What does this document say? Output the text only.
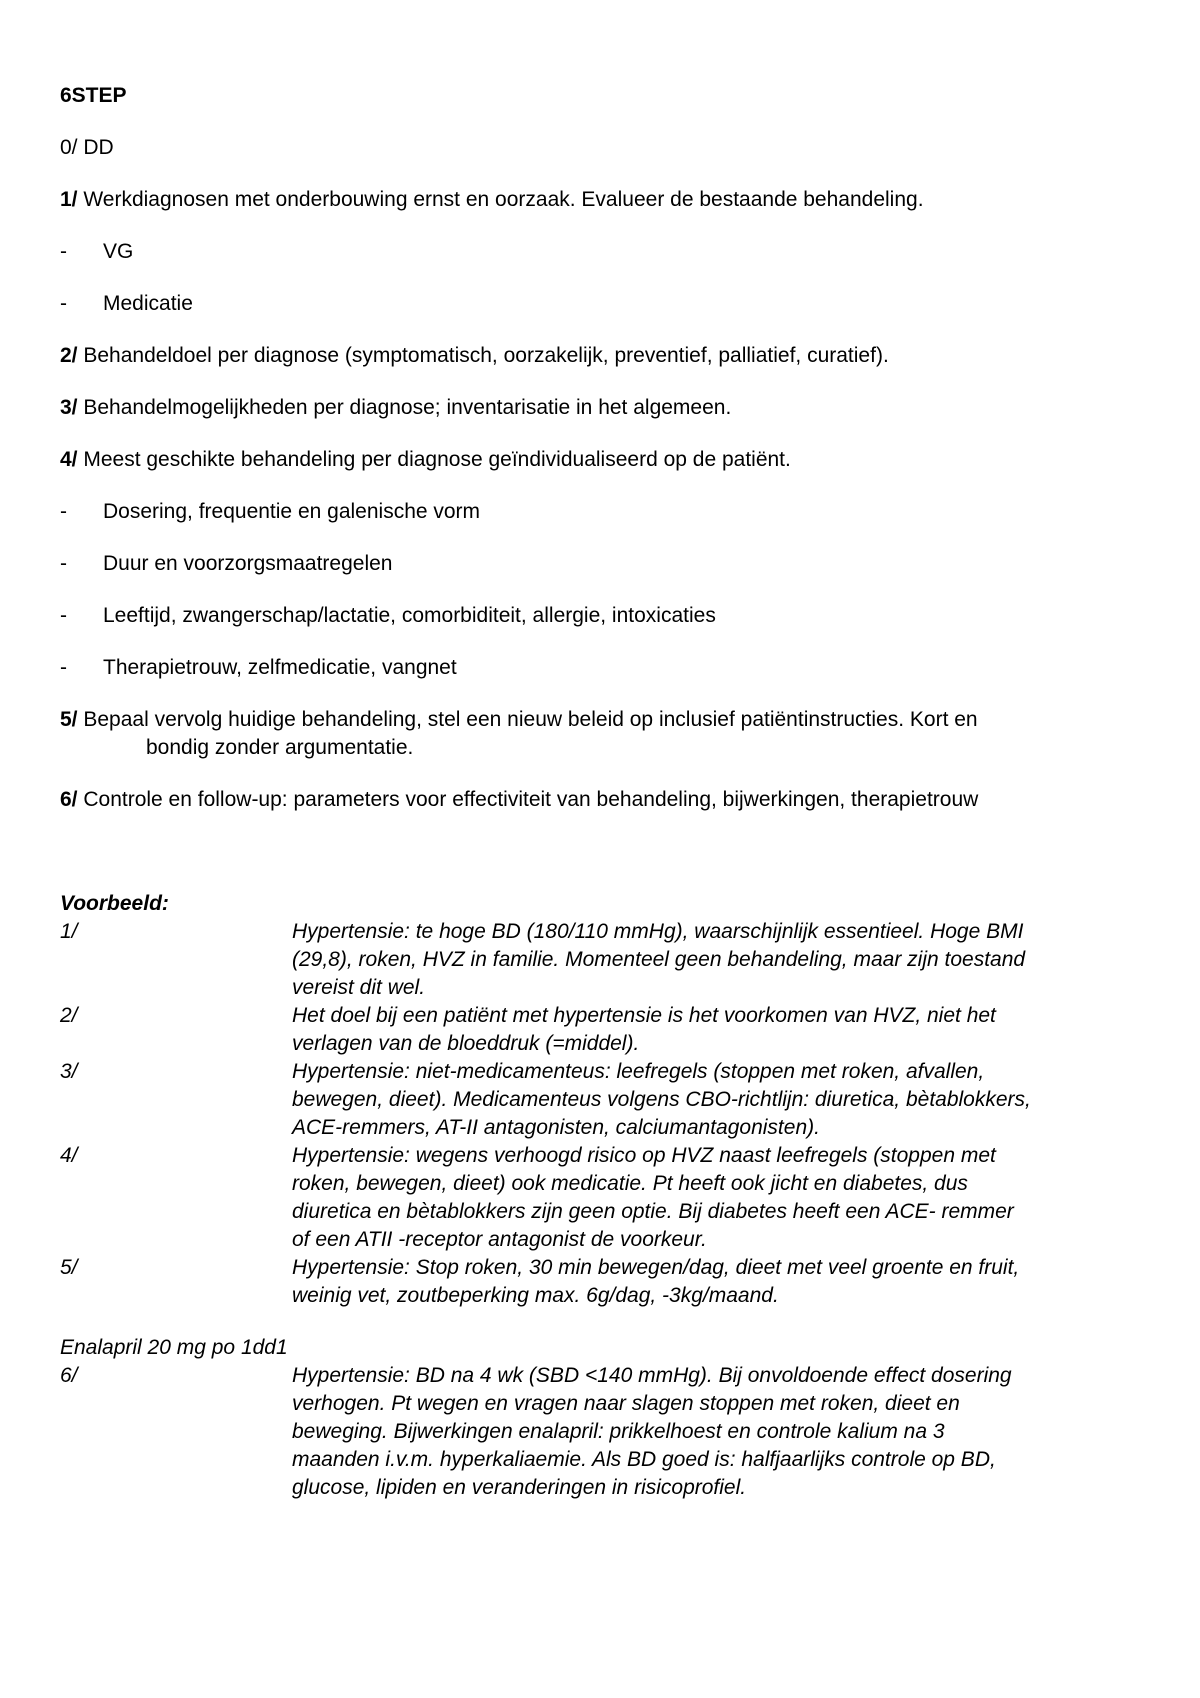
6STEP
0/ DD
1/ Werkdiagnosen met onderbouwing ernst en oorzaak. Evalueer de bestaande behandeling.
- VG
- Medicatie
2/ Behandeldoel per diagnose (symptomatisch, oorzakelijk, preventief, palliatief, curatief).
3/ Behandelmogelijkheden per diagnose; inventarisatie in het algemeen.
4/ Meest geschikte behandeling per diagnose geïndividualiseerd op de patiënt.
- Dosering, frequentie en galenische vorm
- Duur en voorzorgsmaatregelen
- Leeftijd, zwangerschap/lactatie, comorbiditeit, allergie, intoxicaties
- Therapietrouw, zelfmedicatie, vangnet
5/ Bepaal vervolg huidige behandeling, stel een nieuw beleid op inclusief patiëntinstructies. Kort en
bondig zonder argumentatie.
6/ Controle en follow-up: parameters voor effectiviteit van behandeling, bijwerkingen, therapietrouw
Voorbeeld:
1/	Hypertensie: te hoge BD (180/110 mmHg), waarschijnlijk essentieel. Hoge BMI
(29,8), roken, HVZ in familie. Momenteel geen behandeling, maar zijn toestand
vereist dit wel.
2/	Het doel bij een patiënt met hypertensie is het voorkomen van HVZ, niet het
verlagen van de bloeddruk (=middel).
3/	Hypertensie: niet-medicamenteus: leefregels (stoppen met roken, afvallen,
bewegen, dieet). Medicamenteus volgens CBO-richtlijn: diuretica, bètablokkers,
ACE-remmers, AT-II antagonisten, calciumantagonisten).
4/	Hypertensie: wegens verhoogd risico op HVZ naast leefregels (stoppen met
roken, bewegen, dieet) ook medicatie. Pt heeft ook jicht en diabetes, dus
diuretica en bètablokkers zijn geen optie. Bij diabetes heeft een ACE- remmer
of een ATII -receptor antagonist de voorkeur.
5/	Hypertensie: Stop roken, 30 min bewegen/dag, dieet met veel groente en fruit,
weinig vet, zoutbeperking max. 6g/dag, -3kg/maand.
Enalapril 20 mg po 1dd1
6/	Hypertensie: BD na 4 wk (SBD <140 mmHg). Bij onvoldoende effect dosering
verhogen. Pt wegen en vragen naar slagen stoppen met roken, dieet en
beweging. Bijwerkingen enalapril: prikkelhoest en controle kalium na 3
maanden i.v.m. hyperkaliaemie. Als BD goed is: halfjaarlijks controle op BD,
glucose, lipiden en veranderingen in risicoprofiel.
